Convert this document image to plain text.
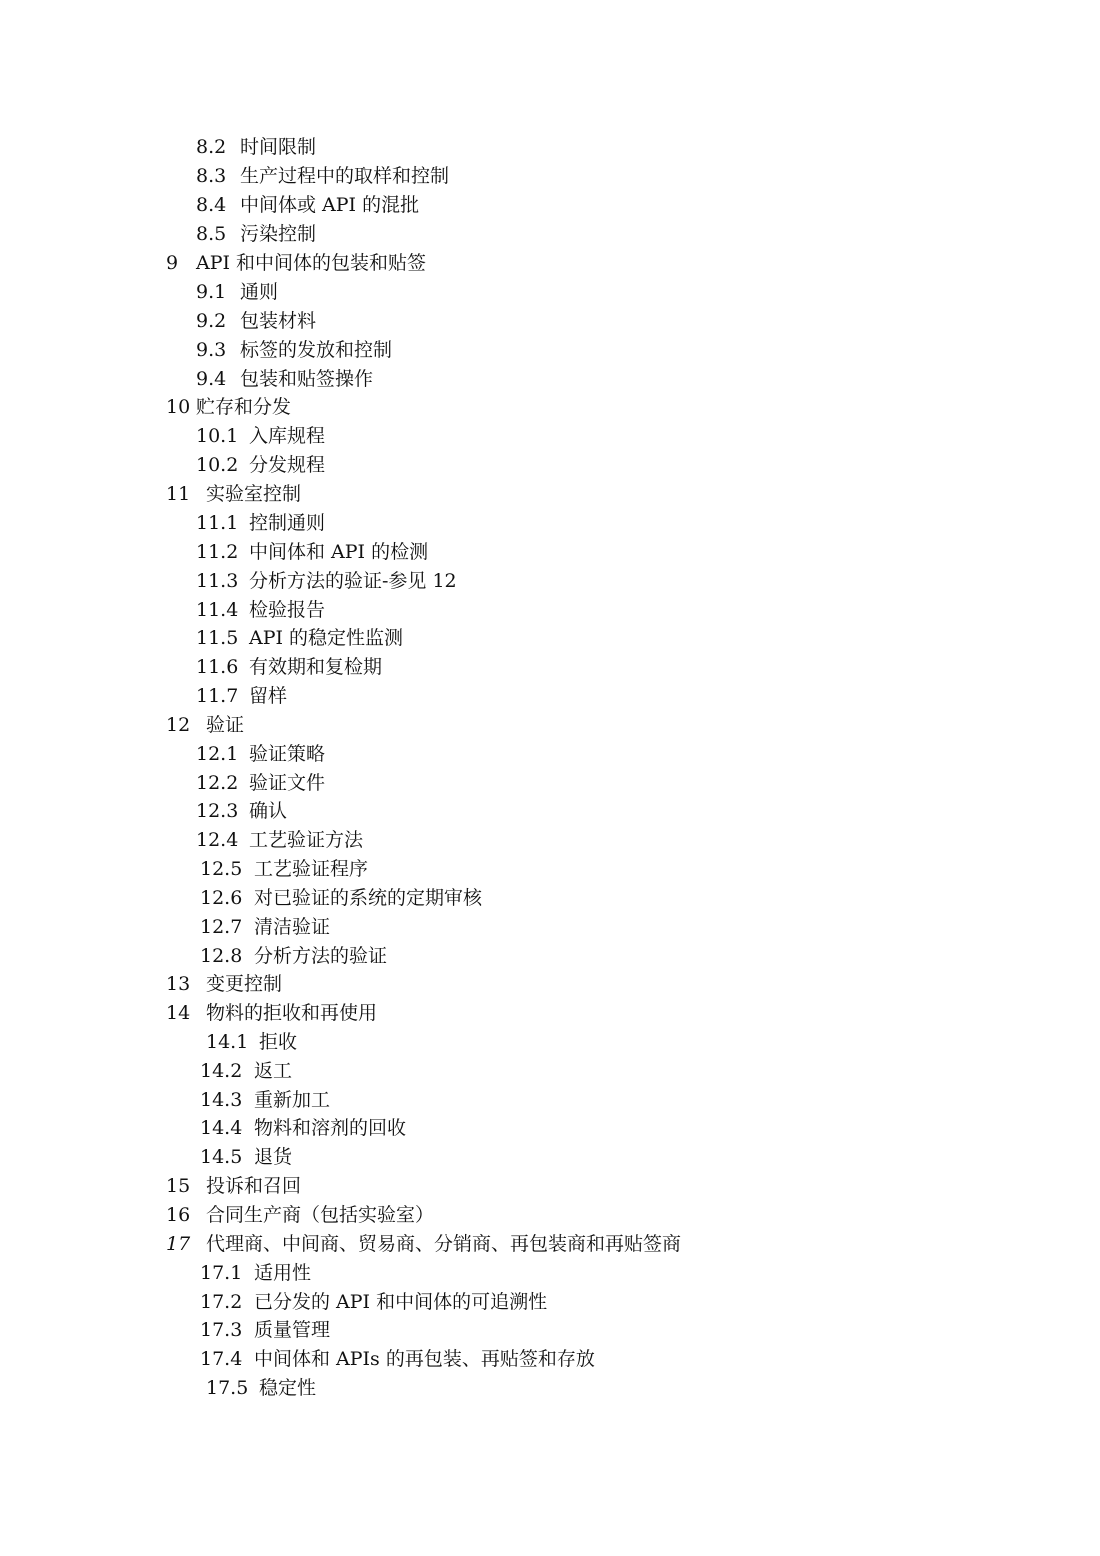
8.2 时间限制
8.3 生产过程中的取样和控制
8.4 中间体或 API 的混批
8.5 污染控制
9 API 和中间体的包装和贴签
9.1 通则
9.2 包装材料
9.3 标签的发放和控制
9.4 包装和贴签操作
10 贮存和分发
10.1 入库规程
10.2 分发规程
11 实验室控制
11.1 控制通则
11.2 中间体和 API 的检测
11.3 分析方法的验证-参见 12
11.4 检验报告
11.5 API 的稳定性监测
11.6 有效期和复检期
11.7 留样
12 验证
12.1 验证策略
12.2 验证文件
12.3 确认
12.4 工艺验证方法
12.5 工艺验证程序
12.6 对已验证的系统的定期审核
12.7 清洁验证
12.8 分析方法的验证
13 变更控制
14 物料的拒收和再使用
14.1 拒收
14.2 返工
14.3 重新加工
14.4 物料和溶剂的回收
14.5 退货
15 投诉和召回
16 合同生产商（包括实验室）
17 代理商、中间商、贸易商、分销商、再包装商和再贴签商
17.1 适用性
17.2 已分发的 API 和中间体的可追溯性
17.3 质量管理
17.4 中间体和 APIs 的再包装、再贴签和存放
17.5 稳定性
